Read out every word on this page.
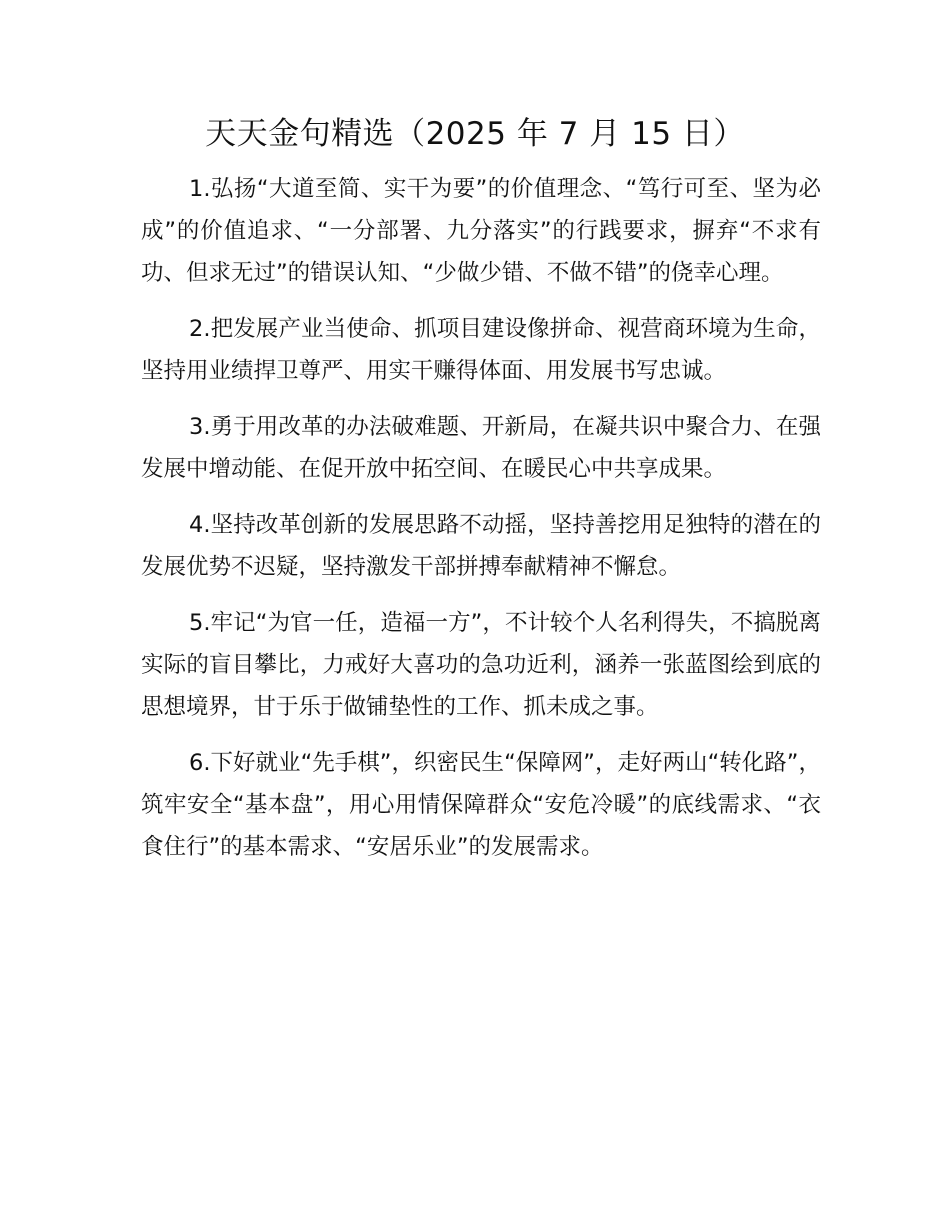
天天金句精选（2025 年 7 月 15 日）

1.弘扬“大道至简、实干为要”的价值理念、“笃行可至、坚为必成”的价值追求、“一分部署、九分落实”的行践要求，摒弃“不求有功、但求无过”的错误认知、“少做少错、不做不错”的侥幸心理。

2.把发展产业当使命、抓项目建设像拼命、视营商环境为生命，坚持用业绩捍卫尊严、用实干赚得体面、用发展书写忠诚。

3.勇于用改革的办法破难题、开新局，在凝共识中聚合力、在强发展中增动能、在促开放中拓空间、在暖民心中共享成果。

4.坚持改革创新的发展思路不动摇，坚持善挖用足独特的潜在的发展优势不迟疑，坚持激发干部拼搏奉献精神不懈怠。

5.牢记“为官一任，造福一方”，不计较个人名利得失，不搞脱离实际的盲目攀比，力戒好大喜功的急功近利，涵养一张蓝图绘到底的思想境界，甘于乐于做铺垫性的工作、抓未成之事。

6.下好就业“先手棋”，织密民生“保障网”，走好两山“转化路”，筑牢安全“基本盘”，用心用情保障群众“安危冷暖”的底线需求、“衣食住行”的基本需求、“安居乐业”的发展需求。
